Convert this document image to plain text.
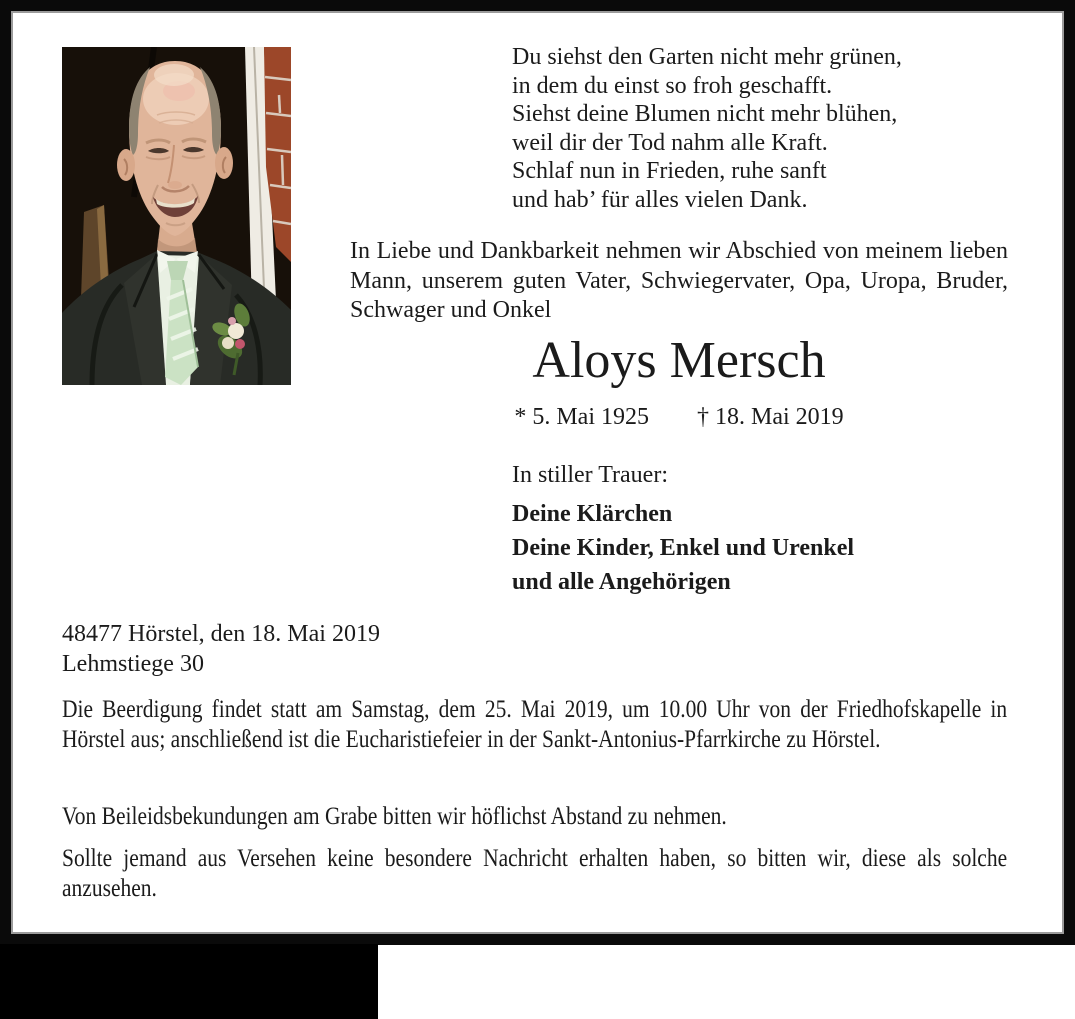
Du siehst den Garten nicht mehr grünen,
in dem du einst so froh geschafft.
Siehst deine Blumen nicht mehr blühen,
weil dir der Tod nahm alle Kraft.
Schlaf nun in Frieden, ruhe sanft
und hab’ für alles vielen Dank.
In Liebe und Dankbarkeit nehmen wir Abschied von meinem lieben Mann, unserem guten Vater, Schwiegervater, Opa, Uropa, Bruder, Schwager und Onkel
Aloys Mersch
* 5. Mai 1925 † 18. Mai 2019
In stiller Trauer:
Deine Klärchen
Deine Kinder, Enkel und Urenkel
und alle Angehörigen
48477 Hörstel, den 18. Mai 2019
Lehmstiege 30
Die Beerdigung findet statt am Samstag, dem 25. Mai 2019, um 10.00 Uhr von der Friedhofskapelle in Hörstel aus; anschließend ist die Eucharistiefeier in der Sankt-Antonius-Pfarrkirche zu Hörstel.
Von Beileidsbekundungen am Grabe bitten wir höflichst Abstand zu nehmen.
Sollte jemand aus Versehen keine besondere Nachricht erhalten haben, so bitten wir, diese als solche anzusehen.
